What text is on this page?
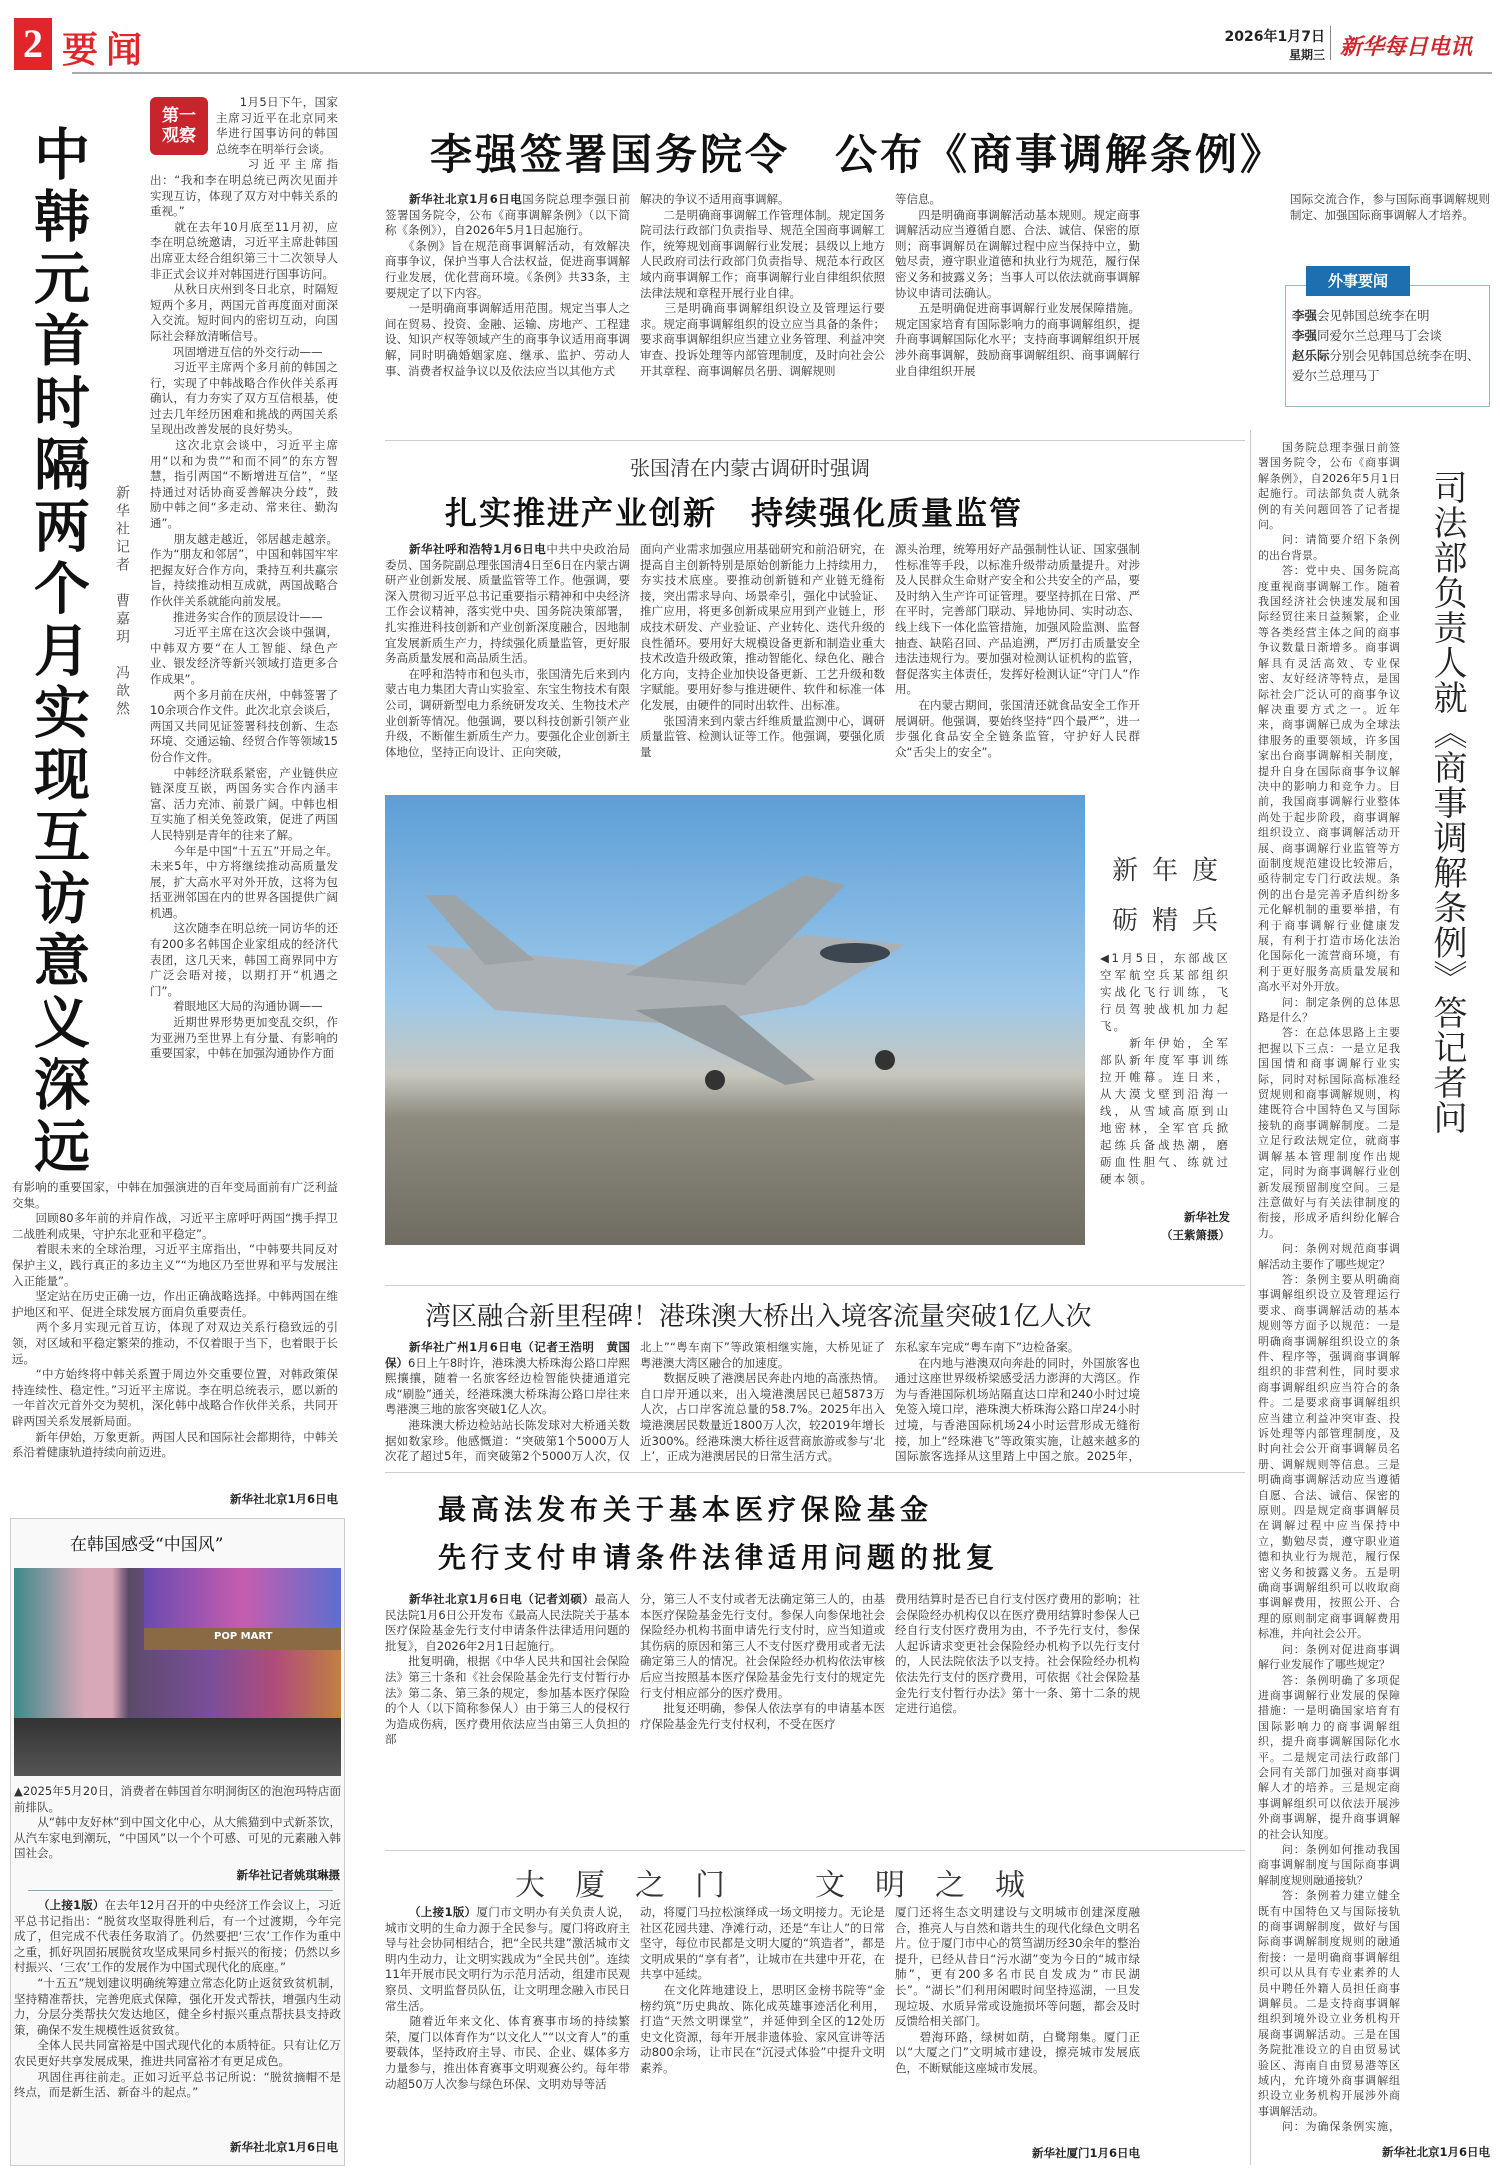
2 要闻	2026年1月7日
星期三 新华每日电讯
中韩元首时隔两个月实现互访意义深远 新华社记者　曹嘉玥　冯歆然
第一观察
　　1月5日下午，国家主席习近平在北京同来华进行国事访问的韩国总统李在明举行会谈。
　　习近平主席指出：“我和李在明总统已两次见面并实现互访，体现了双方对中韩关系的重视。”
　　就在去年10月底至11月初，应李在明总统邀请，习近平主席赴韩国出席亚太经合组织第三十二次领导人非正式会议并对韩国进行国事访问。
　　从秋日庆州到冬日北京，时隔短短两个多月，两国元首再度面对面深入交流。短时间内的密切互动，向国际社会释放清晰信号。
　　巩固增进互信的外交行动——
　　习近平主席两个多月前的韩国之行，实现了中韩战略合作伙伴关系再确认，有力夯实了双方互信根基，使过去几年经历困难和挑战的两国关系呈现出改善发展的良好势头。
　　这次北京会谈中，习近平主席用“以和为贵”“和而不同”的东方智慧，指引两国“不断增进互信”，“坚持通过对话协商妥善解决分歧”，鼓励中韩之间“多走动、常来往、勤沟通”。
　　朋友越走越近，邻居越走越亲。作为“朋友和邻居”，中国和韩国牢牢把握友好合作方向，秉持互利共赢宗旨，持续推动相互成就，两国战略合作伙伴关系就能向前发展。
　　推进务实合作的顶层设计——
　　习近平主席在这次会谈中强调，中韩双方要“在人工智能、绿色产业、银发经济等新兴领域打造更多合作成果”。
　　两个多月前在庆州，中韩签署了10余项合作文件。此次北京会谈后，两国又共同见证签署科技创新、生态环境、交通运输、经贸合作等领域15份合作文件。
　　中韩经济联系紧密，产业链供应链深度互嵌，两国务实合作内涵丰富、活力充沛、前景广阔。中韩也相互实施了相关免签政策，促进了两国人民特别是青年的往来了解。
　　今年是中国“十五五”开局之年。未来5年，中方将继续推动高质量发展，扩大高水平对外开放，这将为包括亚洲邻国在内的世界各国提供广阔机遇。
　　这次随李在明总统一同访华的还有200多名韩国企业家组成的经济代表团，这几天来，韩国工商界同中方广泛会晤对接，以期打开“机遇之门”。
　　着眼地区大局的沟通协调——
　　近期世界形势更加变乱交织，作为亚洲乃至世界上有分量、有影响的重要国家，中韩在加强沟通协作方面
有影响的重要国家，中韩在加强演进的百年变局面前有广泛利益交集。
　　回顾80多年前的并肩作战，习近平主席呼吁两国“携手捍卫二战胜利成果，守护东北亚和平稳定”。
　　着眼未来的全球治理，习近平主席指出，“中韩要共同反对保护主义，践行真正的多边主义”“为地区乃至世界和平与发展注入正能量”。
　　坚定站在历史正确一边，作出正确战略选择。中韩两国在维护地区和平、促进全球发展方面肩负重要责任。
　　两个多月实现元首互访，体现了对双边关系行稳致远的引领，对区域和平稳定繁荣的推动，不仅着眼于当下，也着眼于长远。
　　“中方始终将中韩关系置于周边外交重要位置，对韩政策保持连续性、稳定性。”习近平主席说。李在明总统表示，愿以新的一年首次元首外交为契机，深化韩中战略合作伙伴关系，共同开辟两国关系发展新局面。
　　新年伊始，万象更新。两国人民和国际社会都期待，中韩关系沿着健康轨道持续向前迈进。
新华社北京1月6日电
在韩国感受“中国风”
POP MART
▲2025年5月20日，消费者在韩国首尔明洞街区的泡泡玛特店面前排队。
　　从“韩中友好林”到中国文化中心，从大熊猫到中式新茶饮，从汽车家电到潮玩，“中国风”以一个个可感、可见的元素融入韩国社会。
新华社记者姚琪琳摄
（上接1版）在去年12月召开的中央经济工作会议上，习近平总书记指出：“脱贫攻坚取得胜利后，有一个过渡期，今年完成了，但完成不代表任务取消了。仍然要把‘三农’工作作为重中之重，抓好巩固拓展脱贫攻坚成果同乡村振兴的衔接；仍然以乡村振兴、‘三农’工作的发展作为中国式现代化的底座。”
　　“十五五”规划建议明确统筹建立常态化防止返贫致贫机制，坚持精准帮扶，完善兜底式保障，强化开发式帮扶，增强内生动力，分层分类帮扶欠发达地区，健全乡村振兴重点帮扶县支持政策，确保不发生规模性返贫致贫。
　　全体人民共同富裕是中国式现代化的本质特征。只有让亿万农民更好共享发展成果，推进共同富裕才有更足成色。
　　巩固住再往前走。正如习近平总书记所说：“脱贫摘帽不是终点，而是新生活、新奋斗的起点。”
新华社北京1月6日电
李强签署国务院令　公布《商事调解条例》
新华社北京1月6日电国务院总理李强日前签署国务院令，公布《商事调解条例》（以下简称《条例》），自2026年5月1日起施行。
　　《条例》旨在规范商事调解活动，有效解决商事争议，保护当事人合法权益，促进商事调解行业发展，优化营商环境。《条例》共33条，主要规定了以下内容。
　　一是明确商事调解适用范围。规定当事人之间在贸易、投资、金融、运输、房地产、工程建设、知识产权等领域产生的商事争议适用商事调解，同时明确婚姻家庭、继承、监护、劳动人事、消费者权益争议以及依法应当以其他方式
解决的争议不适用商事调解。
　　二是明确商事调解工作管理体制。规定国务院司法行政部门负责指导、规范全国商事调解工作，统筹规划商事调解行业发展；县级以上地方人民政府司法行政部门负责指导、规范本行政区域内商事调解工作；商事调解行业自律组织依照法律法规和章程开展行业自律。
　　三是明确商事调解组织设立及管理运行要求。规定商事调解组织的设立应当具备的条件；要求商事调解组织应当建立业务管理、利益冲突审查、投诉处理等内部管理制度，及时向社会公开其章程、商事调解员名册、调解规则
等信息。
　　四是明确商事调解活动基本规则。规定商事调解活动应当遵循自愿、合法、诚信、保密的原则；商事调解员在调解过程中应当保持中立，勤勉尽责，遵守职业道德和执业行为规范，履行保密义务和披露义务；当事人可以依法就商事调解协议申请司法确认。
　　五是明确促进商事调解行业发展保障措施。规定国家培育有国际影响力的商事调解组织，提升商事调解国际化水平；支持商事调解组织开展涉外商事调解，鼓励商事调解组织、商事调解行业自律组织开展
国际交流合作，参与国际商事调解规则制定、加强国际商事调解人才培养。
外事要闻
李强会见韩国总统李在明
李强同爱尔兰总理马丁会谈
赵乐际分别会见韩国总统李在明、爱尔兰总理马丁
张国清在内蒙古调研时强调
扎实推进产业创新　持续强化质量监管
新华社呼和浩特1月6日电中共中央政治局委员、国务院副总理张国清4日至6日在内蒙古调研产业创新发展、质量监管等工作。他强调，要深入贯彻习近平总书记重要指示精神和中央经济工作会议精神，落实党中央、国务院决策部署，扎实推进科技创新和产业创新深度融合，因地制宜发展新质生产力，持续强化质量监管，更好服务高质量发展和高品质生活。
　　在呼和浩特市和包头市，张国清先后来到内蒙古电力集团大青山实验室、东宝生物技术有限公司，调研新型电力系统研发攻关、生物技术产业创新等情况。他强调，要以科技创新引领产业升级，不断催生新质生产力。要强化企业创新主体地位，坚持正向设计、正向突破，
面向产业需求加强应用基础研究和前沿研究，在提高自主创新特别是原始创新能力上持续用力，夯实技术底座。要推动创新链和产业链无缝衔接，突出需求导向、场景牵引，强化中试验证、推广应用，将更多创新成果应用到产业链上，形成技术研发、产业验证、产业转化、迭代升级的良性循环。要用好大规模设备更新和制造业重大技术改造升级政策，推动智能化、绿色化、融合化方向，支持企业加快设备更新、工艺升级和数字赋能。要用好参与推进硬件、软件和标准一体化发展，由硬件的同时出软件、出标准。
　　张国清来到内蒙古纤维质量监测中心，调研质量监管、检测认证等工作。他强调，要强化质量
源头治理，统筹用好产品强制性认证、国家强制性标准等手段，以标准升级带动质量提升。对涉及人民群众生命财产安全和公共安全的产品，要及时纳入生产许可证管理。要坚持抓在日常、严在平时，完善部门联动、异地协同、实时动态、线上线下一体化监管措施，加强风险监测、监督抽查、缺陷召回、产品追溯，严厉打击质量安全违法违规行为。要加强对检测认证机构的监管，督促落实主体责任，发挥好检测认证“守门人”作用。
　　在内蒙古期间，张国清还就食品安全工作开展调研。他强调，要始终坚持“四个最严”，进一步强化食品安全全链条监管，守护好人民群众“舌尖上的安全”。
新年度
砺精兵
◀1月5日，东部战区空军航空兵某部组织实战化飞行训练，飞行员驾驶战机加力起飞。
　　新年伊始，全军部队新年度军事训练拉开帷幕。连日来，从大漠戈壁到沿海一线，从雪域高原到山地密林，全军官兵掀起练兵备战热潮，磨砺血性胆气、练就过硬本领。
新华社发
（王紫箫摄）
湾区融合新里程碑！港珠澳大桥出入境客流量突破1亿人次
新华社广州1月6日电（记者王浩明　黄国保）6日上午8时许，港珠澳大桥珠海公路口岸熙熙攘攘，随着一名旅客经边检智能快捷通道完成“刷脸”通关，经港珠澳大桥珠海公路口岸往来粤港澳三地的旅客突破1亿人次。
　　港珠澳大桥边检站站长陈发球对大桥通关数据如数家珍。他感慨道：“突破第1个5000万人次花了超过5年，而突破第2个5000万人次，仅

北上”“粤车南下”等政策相继实施，大桥见证了粤港澳大湾区融合的加速度。
　　数据反映了港澳居民奔赴内地的高涨热情。自口岸开通以来，出入境港澳居民已超5873万人次，占口岸客流总量的58.7%。2025年出入境港澳居民数量近1800万人次，较2019年增长近300%。经港珠澳大桥往返营商旅游或参与‘北上’，正成为港澳居民的日常生活方式。

东私家车完成“粤车南下”边检备案。
　　在内地与港澳双向奔赴的同时，外国旅客也通过这座世界级桥梁感受活力澎湃的大湾区。作为与香港国际机场站隔直达口岸和240小时过境免签入境口岸，港珠澳大桥珠海公路口岸24小时过境，与香港国际机场24小时运营形成无缝衔接，加上“经珠港飞”等政策实施，让越来越多的国际旅客选择从这里踏上中国之旅。2025年，

最高法发布关于基本医疗保险基金
先行支付申请条件法律适用问题的批复
新华社北京1月6日电（记者刘硕）最高人民法院1月6日公开发布《最高人民法院关于基本医疗保险基金先行支付申请条件法律适用问题的批复》，自2026年2月1日起施行。
　　批复明确，根据《中华人民共和国社会保险法》第三十条和《社会保险基金先行支付暂行办法》第二条、第三条的规定，参加基本医疗保险的个人（以下简称参保人）由于第三人的侵权行为造成伤病，医疗费用依法应当由第三人负担的部
分，第三人不支付或者无法确定第三人的，由基本医疗保险基金先行支付。参保人向参保地社会保险经办机构书面申请先行支付时，应当知道或其伤病的原因和第三人不支付医疗费用或者无法确定第三人的情况。社会保险经办机构依法审核后应当按照基本医疗保险基金先行支付的规定先行支付相应部分的医疗费用。
　　批复还明确，参保人依法享有的申请基本医疗保险基金先行支付权利，不受在医疗
费用结算时是否已自行支付医疗费用的影响；社会保险经办机构仅以在医疗费用结算时参保人已经自行支付医疗费用为由，不予先行支付，参保人起诉请求变更社会保险经办机构予以先行支付的，人民法院依法予以支持。社会保险经办机构依法先行支付的医疗费用，可依据《社会保险基金先行支付暂行办法》第十一条、第十二条的规定进行追偿。
大　厦　之　门　　　文　明　之　城
（上接1版）厦门市文明办有关负责人说，城市文明的生命力源于全民参与。厦门将政府主导与社会协同相结合，把“全民共建”激活城市文明内生动力，让文明实践成为“全民共创”。连续11年开展市民文明行为示范月活动，组建市民观察员、文明监督员队伍，让文明理念融入市民日常生活。
　　随着近年来文化、体育赛事市场的持续繁荣，厦门以体育作为“以文化人”“以文育人”的重要载体，坚持政府主导、市民、企业、媒体多方力量参与，推出体育赛事文明观赛公约。每年带动超50万人次参与绿色环保、文明劝导等活
动，将厦门马拉松演绎成一场文明接力。无论是社区花园共建、净滩行动，还是“车让人”的日常坚守，每位市民都是文明大厦的“筑造者”，都是文明成果的“享有者”，让城市在共建中开花，在共享中延续。
　　在文化阵地建设上，思明区金榜书院等“金榜约筑”历史典故、陈化成英雄事迹活化利用，打造“天然文明课堂”，并延伸到全区的12处历史文化资源，每年开展非遗体验、家风宣讲等活动800余场，让市民在“沉浸式体验”中提升文明素养。
厦门还将生态文明建设与文明城市创建深度融合，推亮人与自然和谐共生的现代化绿色文明名片。位于厦门市中心的筼筜湖历经30余年的整治提升，已经从昔日“污水湖”变为今日的“城市绿肺”，更有200多名市民自发成为“市民湖长”。“湖长”们利用闲暇时间坚持巡湖，一旦发现垃圾、水质异常或设施损坏等问题，都会及时反馈给相关部门。
　　碧海环路，绿树如荫，白鹭翔集。厦门正以“大厦之门”文明城市建设，擦亮城市发展底色，不断赋能这座城市发展。
新华社厦门1月6日电
　　国务院总理李强日前签署国务院令，公布《商事调解条例》，自2026年5月1日起施行。司法部负责人就条例的有关问题回答了记者提问。
　　问：请简要介绍下条例的出台背景。
　　答：党中央、国务院高度重视商事调解工作。随着我国经济社会快速发展和国际经贸往来日益频繁，企业等各类经营主体之间的商事争议数量日渐增多。商事调解具有灵活高效、专业保密、友好经济等特点，是国际社会广泛认可的商事争议解决重要方式之一。近年来，商事调解已成为全球法律服务的重要领域，许多国家出台商事调解相关制度，提升自身在国际商事争议解决中的影响力和竞争力。目前，我国商事调解行业整体尚处于起步阶段，商事调解组织设立、商事调解活动开展、商事调解行业监管等方面制度规范建设比较滞后，亟待制定专门行政法规。条例的出台是完善矛盾纠纷多元化解机制的重要举措，有利于商事调解行业健康发展，有利于打造市场化法治化国际化一流营商环境，有利于更好服务高质量发展和高水平对外开放。
　　问：制定条例的总体思路是什么？
　　答：在总体思路上主要把握以下三点：一是立足我国国情和商事调解行业实际，同时对标国际高标准经贸规则和商事调解规则，构建既符合中国特色又与国际接轨的商事调解制度。二是立足行政法规定位，就商事调解基本管理制度作出规定，同时为商事调解行业创新发展预留制度空间。三是注意做好与有关法律制度的衔接，形成矛盾纠纷化解合力。
　　问：条例对规范商事调解活动主要作了哪些规定？
　　答：条例主要从明确商事调解组织设立及管理运行要求、商事调解活动的基本规则等方面予以规范：一是明确商事调解组织设立的条件、程序等，强调商事调解组织的非营利性，同时要求商事调解组织应当符合的条件。二是要求商事调解组织应当建立利益冲突审查、投诉处理等内部管理制度，及时向社会公开商事调解员名册、调解规则等信息。三是明确商事调解活动应当遵循自愿、合法、诚信、保密的原则。四是规定商事调解员在调解过程中应当保持中立，勤勉尽责，遵守职业道德和执业行为规范，履行保密义务和披露义务。五是明确商事调解组织可以收取商事调解费用，按照公开、合理的原则制定商事调解费用标准，并向社会公开。
　　问：条例对促进商事调解行业发展作了哪些规定？
　　答：条例明确了多项促进商事调解行业发展的保障措施：一是明确国家培育有国际影响力的商事调解组织，提升商事调解国际化水平。二是规定司法行政部门会同有关部门加强对商事调解人才的培养。三是规定商事调解组织可以依法开展涉外商事调解，提升商事调解的社会认知度。
　　问：条例如何推动我国商事调解制度与国际商事调解制度规则融通接轨？
　　答：条例着力建立健全既有中国特色又与国际接轨的商事调解制度，做好与国际商事调解制度规则的融通衔接：一是明确商事调解组织可以从具有专业素养的人员中聘任外籍人员担任商事调解员。二是支持商事调解组织到境外设立业务机构开展商事调解活动。三是在国务院批准设立的自由贸易试验区、海南自由贸易港等区域内，允许境外商事调解组织设立业务机构开展涉外商事调解活动。
　　问：为确保条例实施，

新华社北京1月6日电
司法部负责人就《商事调解条例》答记者问
